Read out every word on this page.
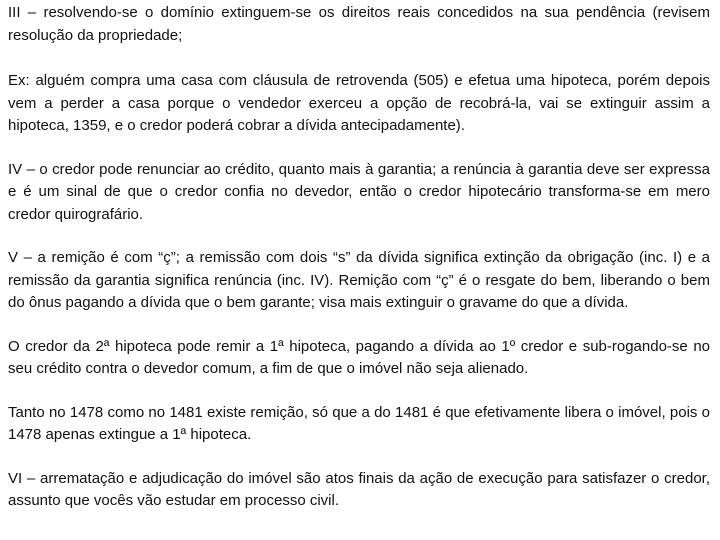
III – resolvendo-se o domínio extinguem-se os direitos reais concedidos na sua pendência (revisem resolução da propriedade;

Ex: alguém compra uma casa com cláusula de retrovenda (505) e efetua uma hipoteca, porém depois vem a perder a casa porque o vendedor exerceu a opção de recobrá-la, vai se extinguir assim a hipoteca, 1359, e o credor poderá cobrar a dívida antecipadamente).

IV – o credor pode renunciar ao crédito, quanto mais à garantia; a renúncia à garantia deve ser expressa e é um sinal de que o credor confia no devedor, então o credor hipotecário transforma-se em mero credor quirografário.

V – a remição é com “ç”; a remissão com dois “s” da dívida significa extinção da obrigação (inc. I) e a remissão da garantia significa renúncia (inc. IV). Remição com “ç” é o resgate do bem, liberando o bem do ônus pagando a dívida que o bem garante; visa mais extinguir o gravame do que a dívida.

O credor da 2ª hipoteca pode remir a 1ª hipoteca, pagando a dívida ao 1º credor e sub-rogando-se no seu crédito contra o devedor comum, a fim de que o imóvel não seja alienado.

Tanto no 1478 como no 1481 existe remição, só que a do 1481 é que efetivamente libera o imóvel, pois o 1478 apenas extingue a 1ª hipoteca.

VI – arrematação e adjudicação do imóvel são atos finais da ação de execução para satisfazer o credor, assunto que vocês vão estudar em processo civil.
